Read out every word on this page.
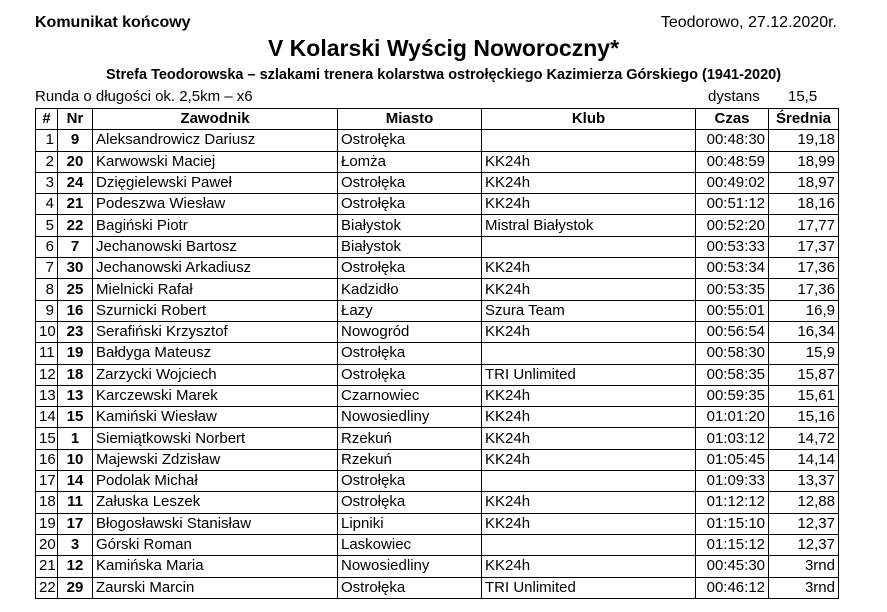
Komunikat końcowy	Teodorowo, 27.12.2020r.
V Kolarski Wyścig Noworoczny*
Strefa Teodorowska – szlakami trenera kolarstwa ostrołęckiego Kazimierza Górskiego (1941-2020)
Runda o długości ok. 2,5km – x6	dystans 15,5
#	Nr	Zawodnik	Miasto	Klub	Czas	Średnia
1	9	Aleksandrowicz Dariusz	Ostrołęka		00:48:30	19,18
2	20	Karwowski Maciej	Łomża	KK24h	00:48:59	18,99
3	24	Dzięgielewski Paweł	Ostrołęka	KK24h	00:49:02	18,97
4	21	Podeszwa Wiesław	Ostrołęka	KK24h	00:51:12	18,16
5	22	Bagiński Piotr	Białystok	Mistral Białystok	00:52:20	17,77
6	7	Jechanowski Bartosz	Białystok		00:53:33	17,37
7	30	Jechanowski Arkadiusz	Ostrołęka	KK24h	00:53:34	17,36
8	25	Mielnicki Rafał	Kadzidło	KK24h	00:53:35	17,36
9	16	Szurnicki Robert	Łazy	Szura Team	00:55:01	16,9
10	23	Serafiński Krzysztof	Nowogród	KK24h	00:56:54	16,34
11	19	Bałdyga Mateusz	Ostrołęka		00:58:30	15,9
12	18	Zarzycki Wojciech	Ostrołęka	TRI Unlimited	00:58:35	15,87
13	13	Karczewski Marek	Czarnowiec	KK24h	00:59:35	15,61
14	15	Kamiński Wiesław	Nowosiedliny	KK24h	01:01:20	15,16
15	1	Siemiątkowski Norbert	Rzekuń	KK24h	01:03:12	14,72
16	10	Majewski Zdzisław	Rzekuń	KK24h	01:05:45	14,14
17	14	Podolak Michał	Ostrołęka		01:09:33	13,37
18	11	Załuska Leszek	Ostrołęka	KK24h	01:12:12	12,88
19	17	Błogosławski Stanisław	Lipniki	KK24h	01:15:10	12,37
20	3	Górski Roman	Laskowiec		01:15:12	12,37
21	12	Kamińska Maria	Nowosiedliny	KK24h	00:45:30	3rnd
22	29	Zaurski Marcin	Ostrołęka	TRI Unlimited	00:46:12	3rnd
